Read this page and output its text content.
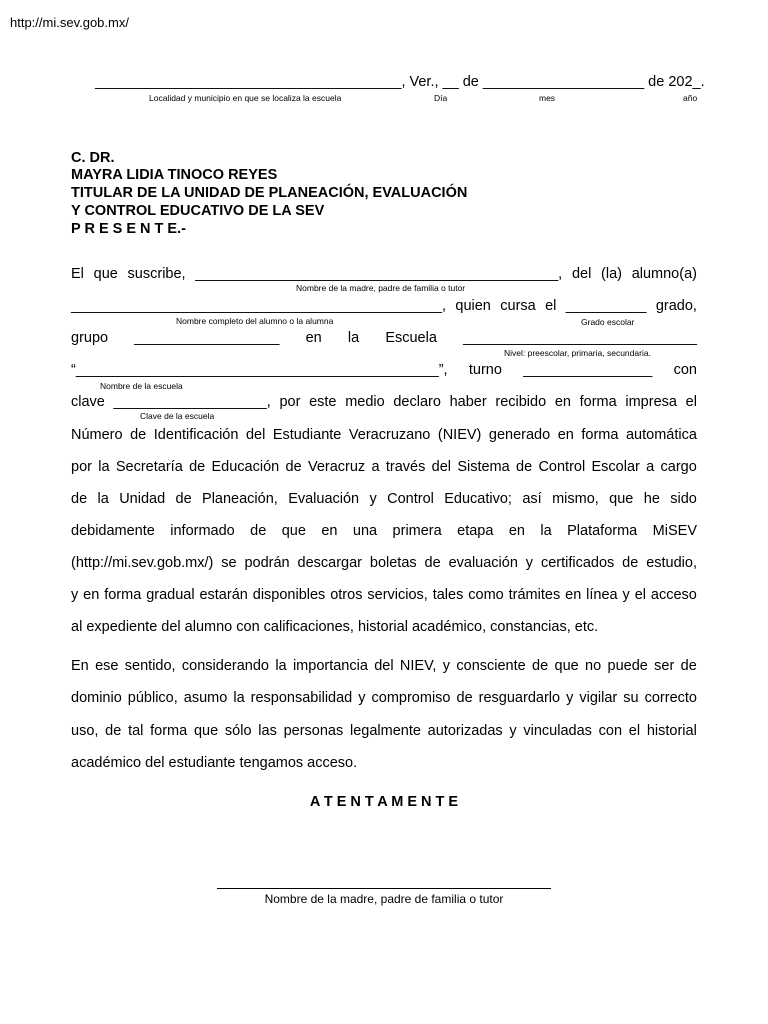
http://mi.sev.gob.mx/
______________________________________, Ver., __ de ____________________ de 202_.
Localidad y municipio en que se localiza la escuela	Día	mes	año
C. DR.
MAYRA LIDIA TINOCO REYES
TITULAR DE LA UNIDAD DE PLANEACIÓN, EVALUACIÓN
Y CONTROL EDUCATIVO DE LA SEV
P R E S E N T E.-
El que suscribe, _____________________________________________, del (la) alumno(a)
Nombre de la madre, padre de familia o tutor
______________________________________________, quien cursa el __________ grado,
Nombre completo del alumno o la alumna	Grado escolar
grupo __________________ en la Escuela _____________________________
Nivel: preescolar, primaria, secundaria.
“_____________________________________________”, turno ________________ con
Nombre de la escuela
clave ___________________, por este medio declaro haber recibido en forma impresa el
Clave de la escuela
Número de Identificación del Estudiante Veracruzano (NIEV) generado en forma automática
por la Secretaría de Educación de Veracruz a través del Sistema de Control Escolar a cargo
de la Unidad de Planeación, Evaluación y Control Educativo; así mismo, que he sido
debidamente informado de que en una primera etapa en la Plataforma MiSEV
(http://mi.sev.gob.mx/) se podrán descargar boletas de evaluación y certificados de estudio,
y en forma gradual estarán disponibles otros servicios, tales como trámites en línea y el acceso
al expediente del alumno con calificaciones, historial académico, constancias, etc.
En ese sentido, considerando la importancia del NIEV, y consciente de que no puede ser de
dominio público, asumo la responsabilidad y compromiso de resguardarlo y vigilar su correcto
uso, de tal forma que sólo las personas legalmente autorizadas y vinculadas con el historial
académico del estudiante tengamos acceso.
A T E N T A M E N T E
Nombre de la madre, padre de familia o tutor
